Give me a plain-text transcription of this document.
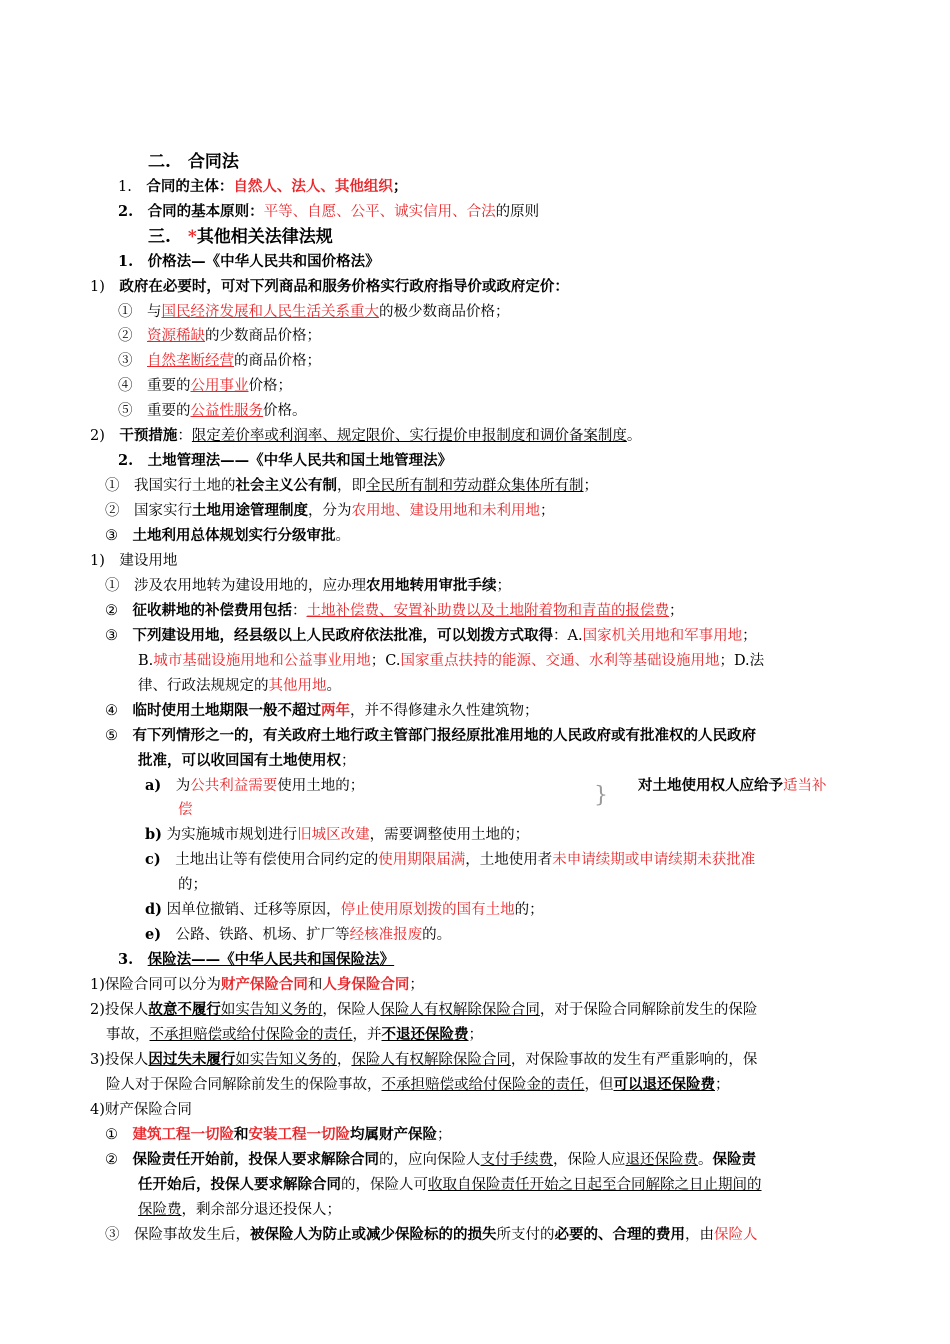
二.　合同法
1.　合同的主体：自然人、法人、其他组织；
2.　合同的基本原则：平等、自愿、公平、诚实信用、合法的原则
三.　*其他相关法律法规
1.　价格法—《中华人民共和国价格法》
1)　政府在必要时，可对下列商品和服务价格实行政府指导价或政府定价：
①　与国民经济发展和人民生活关系重大的极少数商品价格；
②　资源稀缺的少数商品价格；
③　自然垄断经营的商品价格；
④　重要的公用事业价格；
⑤　重要的公益性服务价格。
2)　干预措施：限定差价率或利润率、规定限价、实行提价申报制度和调价备案制度。
2.　土地管理法——《中华人民共和国土地管理法》
①　我国实行土地的社会主义公有制，即全民所有制和劳动群众集体所有制；
②　国家实行土地用途管理制度，分为农用地、建设用地和未利用地；
③　土地利用总体规划实行分级审批。
1)　建设用地
①　涉及农用地转为建设用地的，应办理农用地转用审批手续；
②　征收耕地的补偿费用包括：土地补偿费、安置补助费以及土地附着物和青苗的报偿费；
③　下列建设用地，经县级以上人民政府依法批准，可以划拨方式取得：A.国家机关用地和军事用地；
B.城市基础设施用地和公益事业用地；C.国家重点扶持的能源、交通、水利等基础设施用地；D.法
律、行政法规规定的其他用地。
④　临时使用土地期限一般不超过两年，并不得修建永久性建筑物；
⑤　有下列情形之一的，有关政府土地行政主管部门报经原批准用地的人民政府或有批准权的人民政府
批准，可以收回国有土地使用权；
a)　为公共利益需要使用土地的；	对土地使用权人应给予适当补
偿
b) 为实施城市规划进行旧城区改建，需要调整使用土地的；
c)　土地出让等有偿使用合同约定的使用期限届满，土地使用者未申请续期或申请续期未获批准
的；
d) 因单位撤销、迁移等原因，停止使用原划拨的国有土地的；
e)　公路、铁路、机场、扩厂等经核准报废的。
3.　保险法——《中华人民共和国保险法》
1)保险合同可以分为财产保险合同和人身保险合同；
2)投保人故意不履行如实告知义务的，保险人保险人有权解除保险合同，对于保险合同解除前发生的保险
事故，不承担赔偿或给付保险金的责任，并不退还保险费；
3)投保人因过失未履行如实告知义务的，保险人有权解除保险合同，对保险事故的发生有严重影响的，保
险人对于保险合同解除前发生的保险事故，不承担赔偿或给付保险金的责任，但可以退还保险费；
4)财产保险合同
①　建筑工程一切险和安装工程一切险均属财产保险；
②　保险责任开始前，投保人要求解除合同的，应向保险人支付手续费，保险人应退还保险费。保险责
任开始后，投保人要求解除合同的，保险人可收取自保险责任开始之日起至合同解除之日止期间的
保险费，剩余部分退还投保人；
③　保险事故发生后，被保险人为防止或减少保险标的的损失所支付的必要的、合理的费用，由保险人
}
